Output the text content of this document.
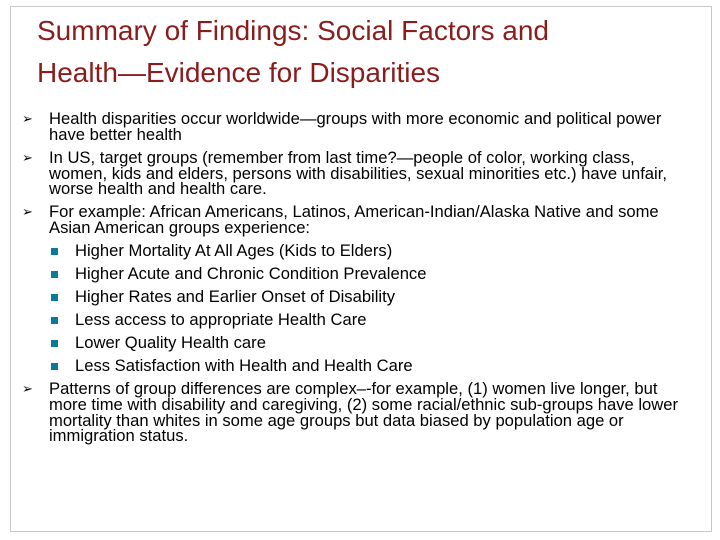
Summary of Findings: Social Factors and
Health—Evidence for Disparities
➢ Health disparities occur worldwide—groups with more economic and political power have better health
➢ In US, target groups (remember from last time?—people of color, working class, women, kids and elders, persons with disabilities, sexual minorities etc.) have unfair, worse health and health care.
➢ For example: African Americans, Latinos, American-Indian/Alaska Native and some Asian American groups experience:
Higher Mortality At All Ages (Kids to Elders)
Higher Acute and Chronic Condition Prevalence
Higher Rates and Earlier Onset of Disability
Less access to appropriate Health Care
Lower Quality Health care
Less Satisfaction with Health and Health Care
➢ Patterns of group differences are complex–-for example, (1) women live longer, but more time with disability and caregiving, (2) some racial/ethnic sub-groups have lower mortality than whites in some age groups but data biased by population age or immigration status.
